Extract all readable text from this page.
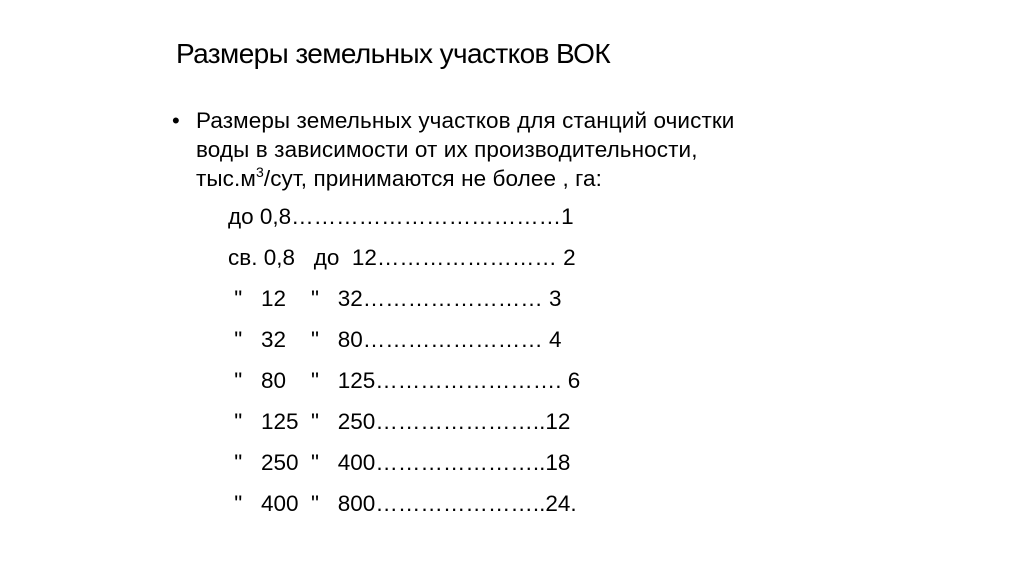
Размеры земельных участков ВОК
• Размеры земельных участков для станций очистки
воды в зависимости от их производительности,
$тыс.м^3$/сут, принимаются не более , га:
до 0,8………………………………1
св. 0,8   до  12…………………… 2
"   12    "   32…………………… 3
"   32    "   80…………………… 4
"   80    "   125……………………. 6
"   125  "   250…………………..12
"   250  "   400…………………..18
"   400  "   800…………………..24.
